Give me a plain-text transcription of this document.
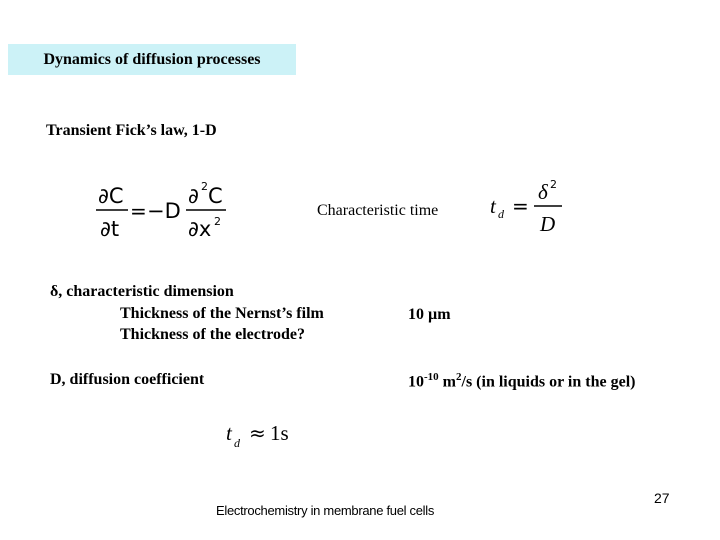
Dynamics of diffusion processes
Transient Fick’s law, 1-D
∂C
∂t
= −D
∂ 2 C
∂x 2
Characteristic time t d =
δ 2
D
δ, characteristic dimension
Thickness of the Nernst’s film
Thickness of the electrode?
10 µm
D, diffusion coefficient	$10^{-10}$ $m^2/s$ (in liquids or in the gel)
t d ≈ 1s
Electrochemistry in membrane fuel cells
27
